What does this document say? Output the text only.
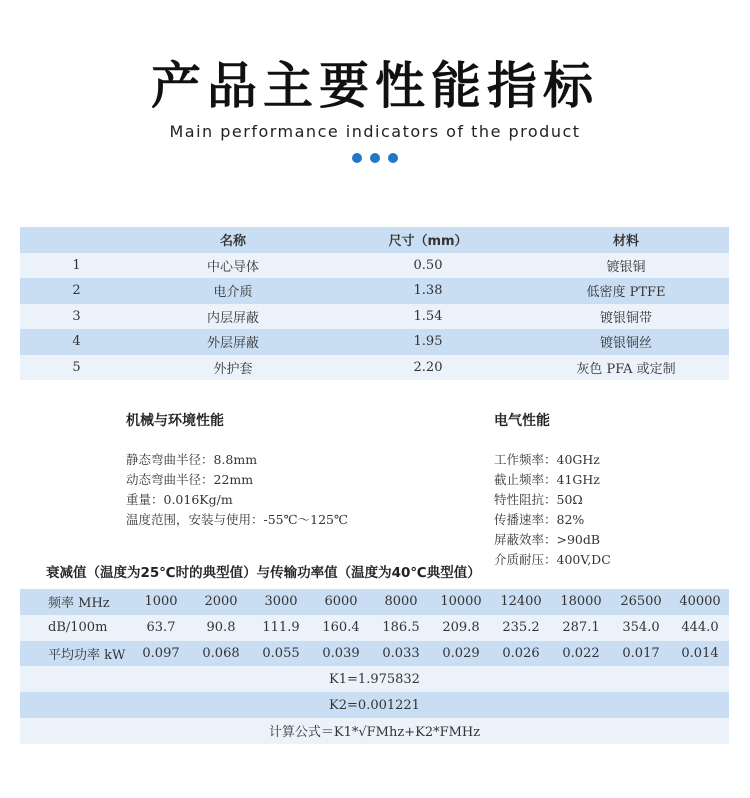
产品主要性能指标
Main performance indicators of the product
	名称	尺寸（mm）	材料
1	中心导体	0.50	镀银铜
2	电介质	1.38	低密度 PTFE
3	内层屏蔽	1.54	镀银铜带
4	外层屏蔽	1.95	镀银铜丝
5	外护套	2.20	灰色 PFA 或定制
机械与环境性能
静态弯曲半径：8.8mm
动态弯曲半径：22mm
重量：0.016Kg/m
温度范围，安装与使用：-55℃～125℃
电气性能
工作频率：40GHz
截止频率：41GHz
特性阻抗：50Ω
传播速率：82%
屏蔽效率：>90dB
介质耐压：400V,DC
衰减值（温度为25℃时的典型值）与传输功率值（温度为40℃典型值）
频率 MHz	1000	2000	3000	6000	8000	10000	12400	18000	26500	40000
dB/100m	63.7	90.8	111.9	160.4	186.5	209.8	235.2	287.1	354.0	444.0
平均功率 kW	0.097	0.068	0.055	0.039	0.033	0.029	0.026	0.022	0.017	0.014
K1=1.975832										
K2=0.001221										
计算公式＝K1*√FMhz+K2*FMHz										
